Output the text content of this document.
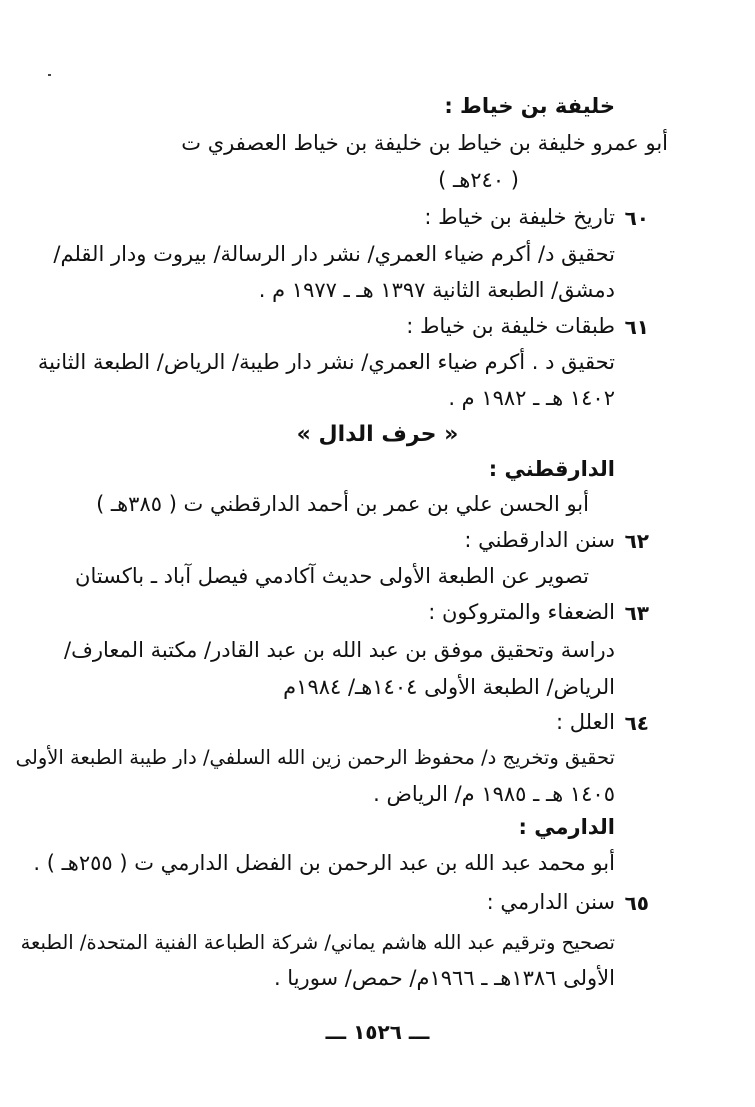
خليفة بن خياط :
أبو عمرو خليفة بن خياط بن خليفة بن خياط العصفري ت
( ٢٤٠هـ )
٦٠
تاريخ خليفة بن خياط :
تحقيق د/ أكرم ضياء العمري/ نشر دار الرسالة/ بيروت ودار القلم/
دمشق/ الطبعة الثانية ١٣٩٧ هـ ـ ١٩٧٧ م .
٦١
طبقات خليفة بن خياط :
تحقيق د . أكرم ضياء العمري/ نشر دار طيبة/ الرياض/ الطبعة الثانية
١٤٠٢ هـ ـ ١٩٨٢ م .
« حرف الدال »
الدارقطني :
أبو الحسن علي بن عمر بن أحمد الدارقطني ت ( ٣٨٥هـ )
٦٢
سنن الدارقطني :
تصوير عن الطبعة الأولى حديث آكادمي فيصل آباد ـ باكستان
٦٣
الضعفاء والمتروكون :
دراسة وتحقيق موفق بن عبد الله بن عبد القادر/ مكتبة المعارف/
الرياض/ الطبعة الأولى ١٤٠٤هـ/ ١٩٨٤م
٦٤
العلل :
تحقيق وتخريج د/ محفوظ الرحمن زين الله السلفي/ دار طيبة الطبعة الأولى
١٤٠٥ هـ ـ ١٩٨٥ م/ الرياض .
الدارمي :
أبو محمد عبد الله بن عبد الرحمن بن الفضل الدارمي ت ( ٢٥٥هـ ) .
٦٥
سنن الدارمي :
تصحيح وترقيم عبد الله هاشم يماني/ شركة الطباعة الفنية المتحدة/ الطبعة
الأولى ١٣٨٦هـ ـ ١٩٦٦م/ حمص/ سوريا .
ـــ ١٥٢٦ ـــ
